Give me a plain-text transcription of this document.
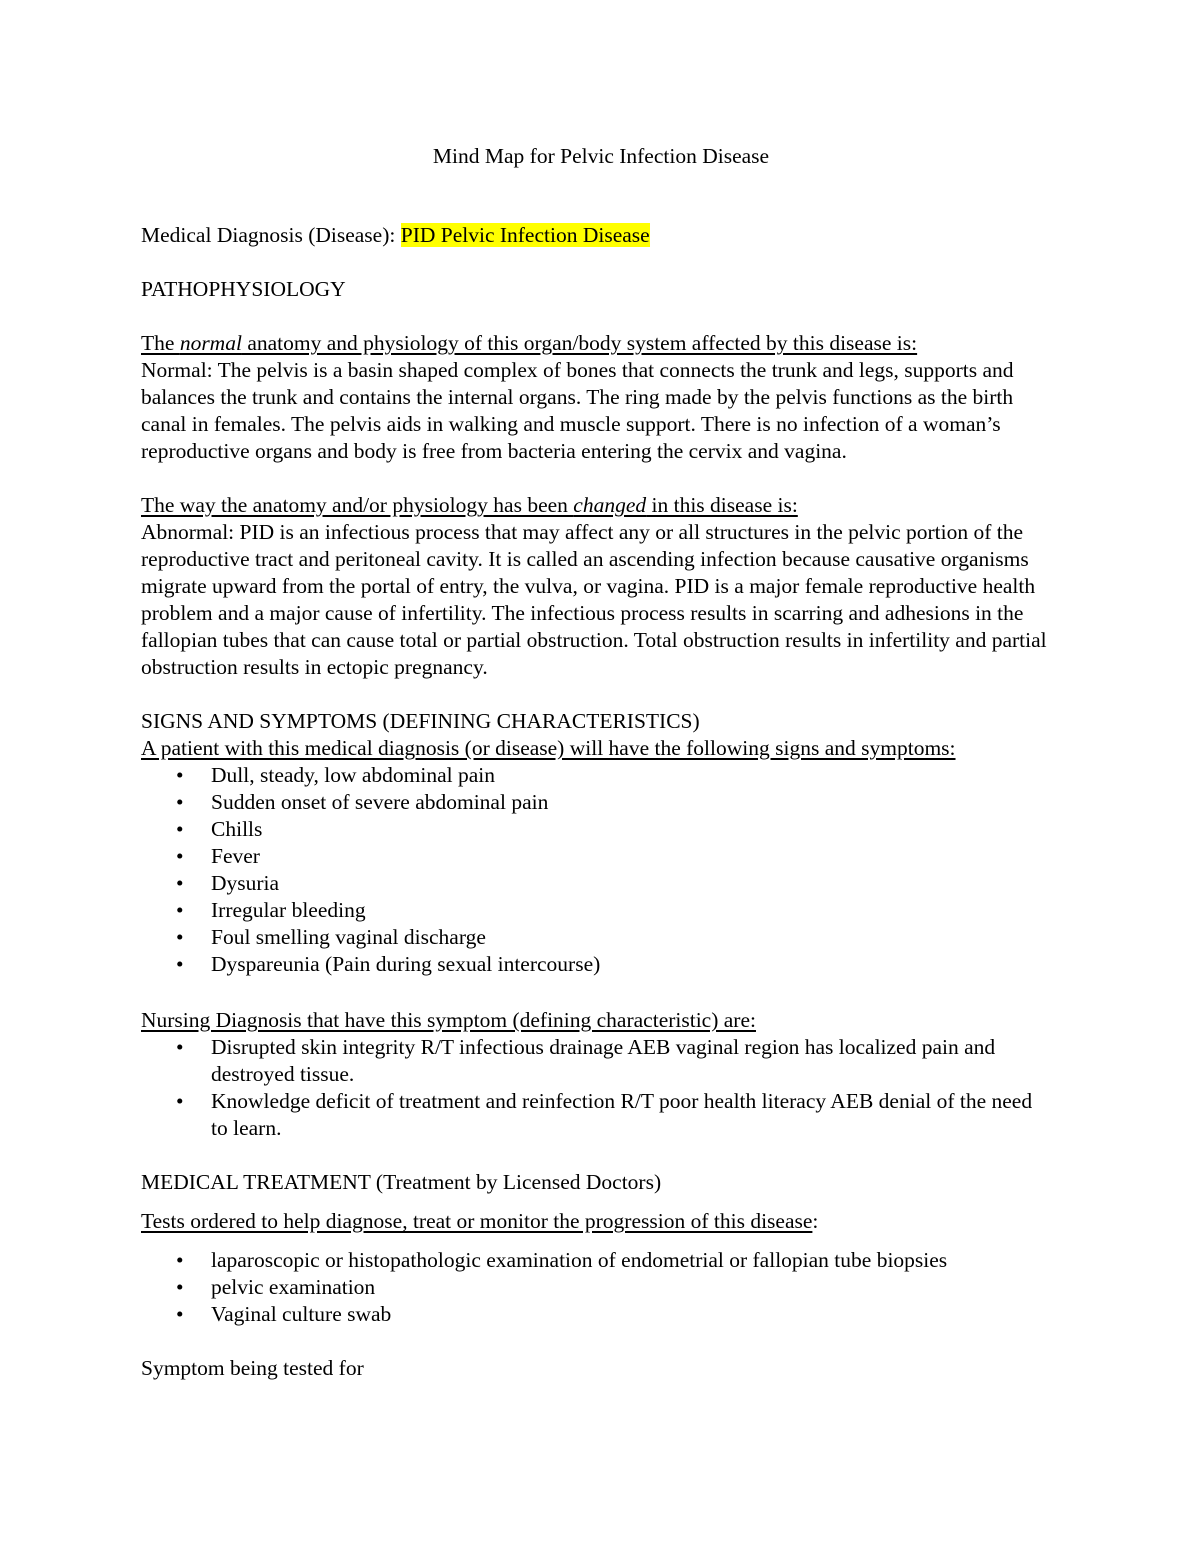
Mind Map for Pelvic Infection Disease

Medical Diagnosis (Disease): PID Pelvic Infection Disease

PATHOPHYSIOLOGY

The normal anatomy and physiology of this organ/body system affected by this disease is:

Normal: The pelvis is a basin shaped complex of bones that connects the trunk and legs, supports and balances the trunk and contains the internal organs. The ring made by the pelvis functions as the birth canal in females. The pelvis aids in walking and muscle support. There is no infection of a woman’s reproductive organs and body is free from bacteria entering the cervix and vagina.

The way the anatomy and/or physiology has been changed in this disease is:

Abnormal: PID is an infectious process that may affect any or all structures in the pelvic portion of the reproductive tract and peritoneal cavity. It is called an ascending infection because causative organisms migrate upward from the portal of entry, the vulva, or vagina. PID is a major female reproductive health problem and a major cause of infertility. The infectious process results in scarring and adhesions in the fallopian tubes that can cause total or partial obstruction. Total obstruction results in infertility and partial obstruction results in ectopic pregnancy.

SIGNS AND SYMPTOMS (DEFINING CHARACTERISTICS)

A patient with this medical diagnosis (or disease) will have the following signs and symptoms:

•	Dull, steady, low abdominal pain
•	Sudden onset of severe abdominal pain
•	Chills
•	Fever
•	Dysuria
•	Irregular bleeding
•	Foul smelling vaginal discharge
•	Dyspareunia (Pain during sexual intercourse)

Nursing Diagnosis that have this symptom (defining characteristic) are:

•	Disrupted skin integrity R/T infectious drainage AEB vaginal region has localized pain and destroyed tissue.
•	Knowledge deficit of treatment and reinfection R/T poor health literacy AEB denial of the need to learn.

MEDICAL TREATMENT (Treatment by Licensed Doctors)

Tests ordered to help diagnose, treat or monitor the progression of this disease:

•	laparoscopic or histopathologic examination of endometrial or fallopian tube biopsies
•	pelvic examination
•	Vaginal culture swab

Symptom being tested for
